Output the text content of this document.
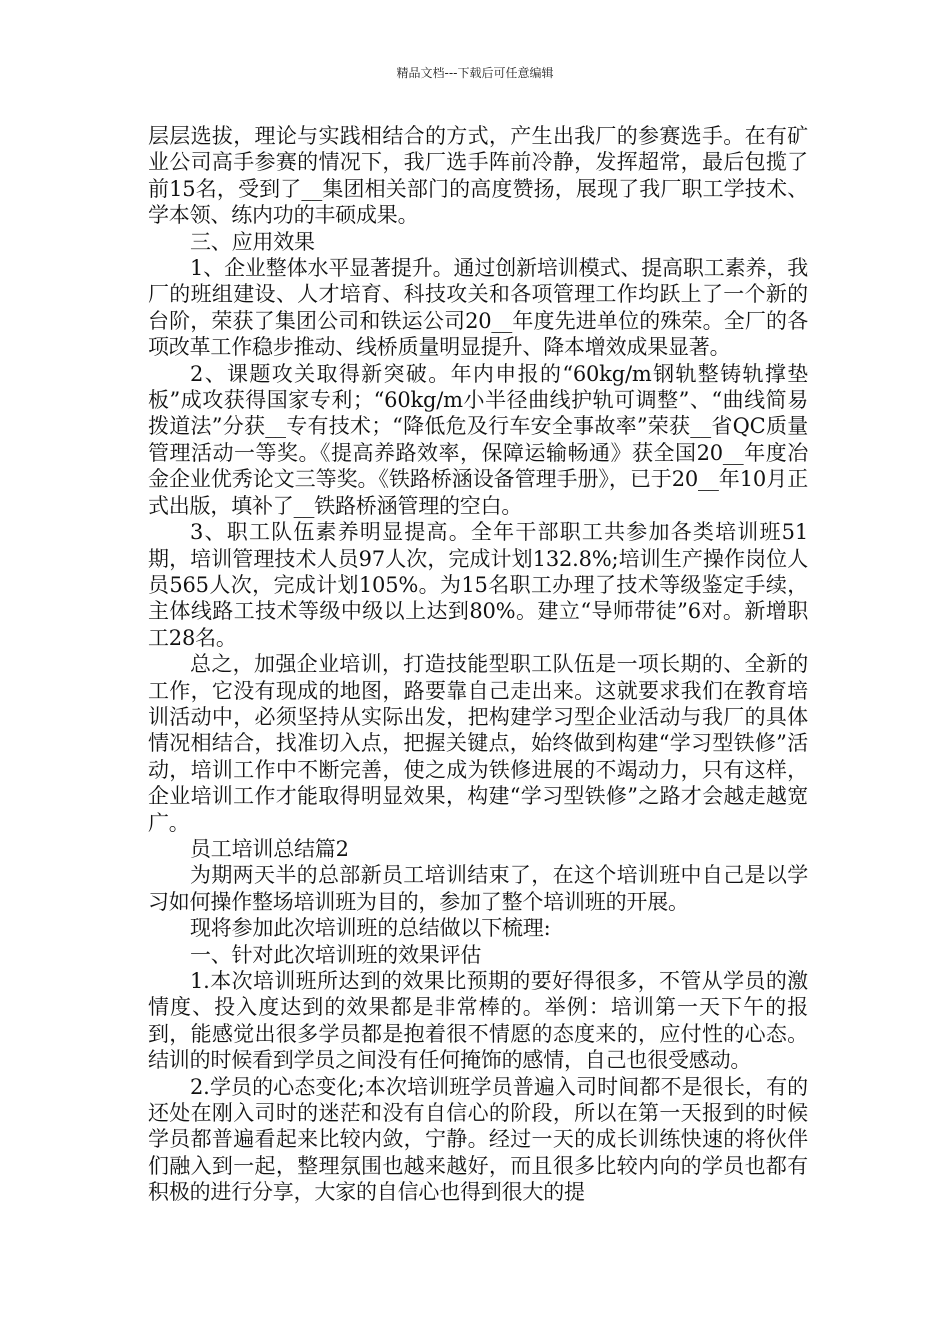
精品文档---下载后可任意编辑

层层选拔，理论与实践相结合的方式，产生出我厂的参赛选手。在有矿业公司高手参赛的情况下，我厂选手阵前冷静，发挥超常，最后包揽了前15名，受到了__集团相关部门的高度赞扬，展现了我厂职工学技术、学本领、练内功的丰硕成果。

三、应用效果

1、企业整体水平显著提升。通过创新培训模式、提高职工素养，我厂的班组建设、人才培育、科技攻关和各项管理工作均跃上了一个新的台阶，荣获了集团公司和铁运公司20__年度先进单位的殊荣。全厂的各项改革工作稳步推动、线桥质量明显提升、降本增效成果显著。

2、课题攻关取得新突破。年内申报的“60kg/m钢轨整铸轨撑垫板”成攻获得国家专利；“60kg/m小半径曲线护轨可调整”、“曲线简易拨道法”分获__专有技术；“降低危及行车安全事故率”荣获__省QC质量管理活动一等奖。《提高养路效率，保障运输畅通》获全国20__年度冶金企业优秀论文三等奖。《铁路桥涵设备管理手册》，已于20__年10月正式出版，填补了__铁路桥涵管理的空白。

3、职工队伍素养明显提高。全年干部职工共参加各类培训班51期，培训管理技术人员97人次，完成计划132.8%;培训生产操作岗位人员565人次，完成计划105%。为15名职工办理了技术等级鉴定手续，主体线路工技术等级中级以上达到80%。建立“导师带徒”6对。新增职工28名。

总之，加强企业培训，打造技能型职工队伍是一项长期的、全新的工作，它没有现成的地图，路要靠自己走出来。这就要求我们在教育培训活动中，必须坚持从实际出发，把构建学习型企业活动与我厂的具体情况相结合，找准切入点，把握关键点，始终做到构建“学习型铁修”活动，培训工作中不断完善，使之成为铁修进展的不竭动力，只有这样，企业培训工作才能取得明显效果，构建“学习型铁修”之路才会越走越宽广。

员工培训总结篇2

为期两天半的总部新员工培训结束了，在这个培训班中自己是以学习如何操作整场培训班为目的，参加了整个培训班的开展。

现将参加此次培训班的总结做以下梳理:

一、针对此次培训班的效果评估

1.本次培训班所达到的效果比预期的要好得很多，不管从学员的激情度、投入度达到的效果都是非常棒的。举例：培训第一天下午的报到，能感觉出很多学员都是抱着很不情愿的态度来的，应付性的心态。结训的时候看到学员之间没有任何掩饰的感情，自己也很受感动。

2.学员的心态变化;本次培训班学员普遍入司时间都不是很长，有的还处在刚入司时的迷茫和没有自信心的阶段，所以在第一天报到的时候学员都普遍看起来比较内敛，宁静。经过一天的成长训练快速的将伙伴们融入到一起，整理氛围也越来越好，而且很多比较内向的学员也都有积极的进行分享，大家的自信心也得到很大的提
